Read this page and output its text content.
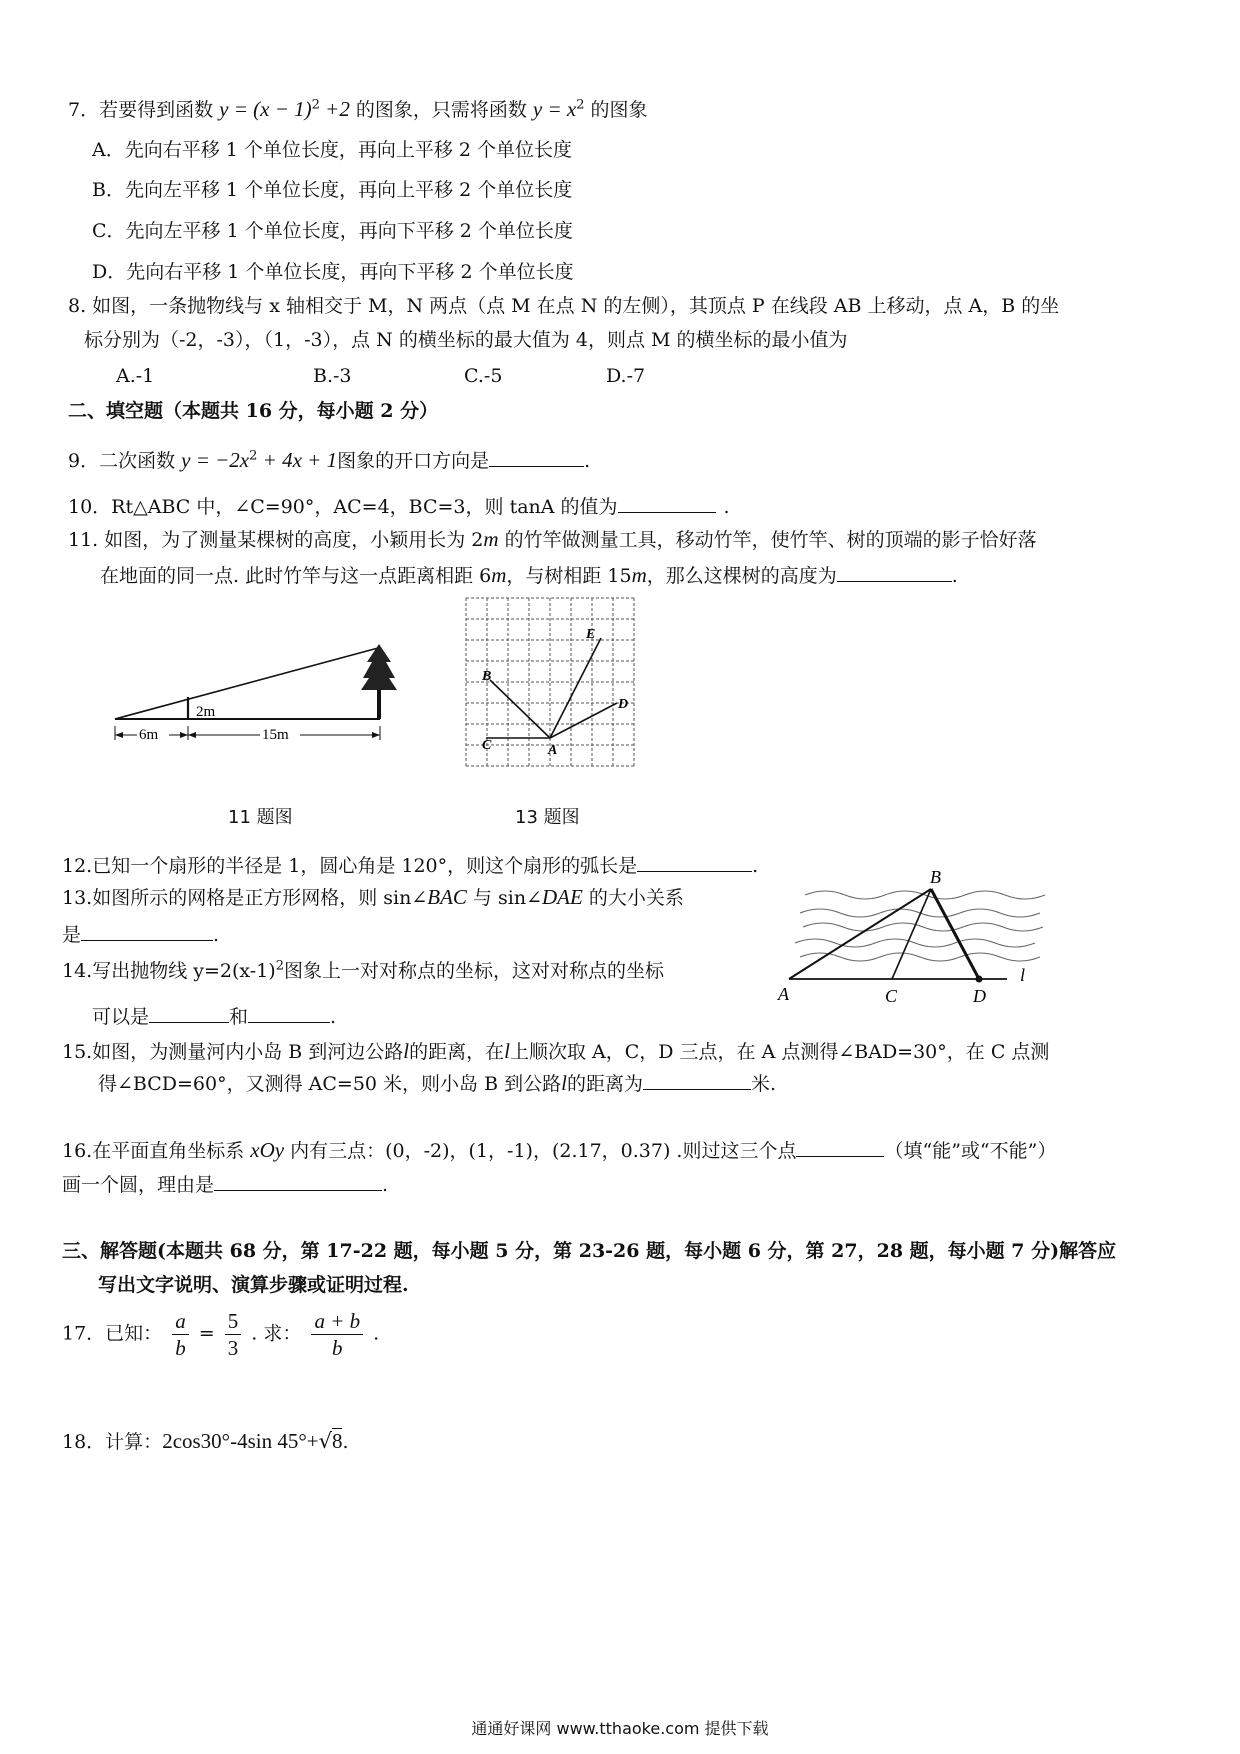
7．若要得到函数 $y = (x - 1)^2 +2$ 的图象，只需将函数 $y = x^2$ 的图象
A．先向右平移 1 个单位长度，再向上平移 2 个单位长度
B．先向左平移 1 个单位长度，再向上平移 2 个单位长度
C．先向左平移 1 个单位长度，再向下平移 2 个单位长度
D．先向右平移 1 个单位长度，再向下平移 2 个单位长度
8. 如图，一条抛物线与 x 轴相交于 M，N 两点（点 M 在点 N 的左侧），其顶点 P 在线段 AB 上移动，点 A，B 的坐
标分别为（-2，-3），（1，-3），点 N 的横坐标的最大值为 4，则点 M 的横坐标的最小值为
A.-1	B.-3	C.-5	D.-7
二、填空题（本题共 16 分，每小题 2 分）
9．二次函数 $y = -2x^2 + 4x + 1$图象的开口方向是	.
10．Rt△ABC 中，∠C=90°，AC=4，BC=3，则 tanA 的值为	.
11. 如图，为了测量某棵树的高度，小颖用长为 2m 的竹竿做测量工具，移动竹竿，使竹竿、树的顶端的影子恰好落
在地面的同一点. 此时竹竿与这一点距离相距 6m，与树相距 15m，那么这棵树的高度为	.
2m
6m	15m
11 题图
B
E
D
C	A
13 题图
12.已知一个扇形的半径是 1，圆心角是 120°，则这个扇形的弧长是	.
13.如图所示的网格是正方形网格，则 sin∠BAC 与 sin∠DAE 的大小关系
是	.
14.写出抛物线 $y=2(x-1)^2$图象上一对对称点的坐标，这对对称点的坐标
可以是	和	.
B
A	C	D
l
15.如图，为测量河内小岛 B 到河边公路l的距离，在l上顺次取 A，C，D 三点，在 A 点测得∠BAD=30°，在 C 点测
得∠BCD=60°，又测得 AC=50 米，则小岛 B 到公路l的距离为	米.
16.在平面直角坐标系 xOy 内有三点：(0，-2)，(1，-1)，(2.17，0.37) .则过这三个点	（填“能”或“不能”）
画一个圆，理由是	.
三、解答题(本题共 68 分，第 17-22 题，每小题 5 分，第 23-26 题，每小题 6 分，第 27，28 题，每小题 7 分)解答应
写出文字说明、演算步骤或证明过程.
17．已知： $\frac{a}{b} = \frac{5}{3}$ . 求： $\frac{a + b}{b}$ .
18．计算：2cos30°-4sin 45°+√8.
通通好课网 www.tthaoke.com 提供下载
